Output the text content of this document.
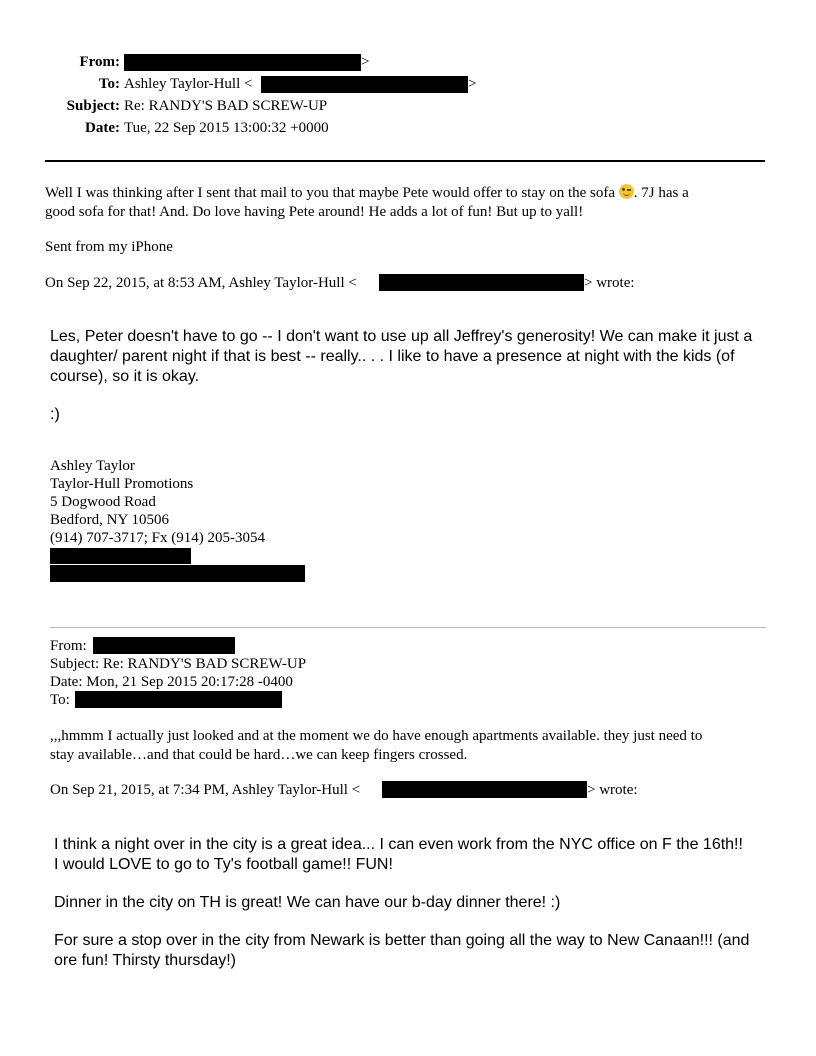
From:	>
To: Ashley Taylor-Hull <	>
Subject: Re: RANDY'S BAD SCREW-UP
Date: Tue, 22 Sep 2015 13:00:32 +0000
Well I was thinking after I sent that mail to you that maybe Pete would offer to stay on the sofa . 7J has a
good sofa for that! And. Do love having Pete around! He adds a lot of fun! But up to yall!
Sent from my iPhone
On Sep 22, 2015, at 8:53 AM, Ashley Taylor-Hull <	> wrote:
Les, Peter doesn't have to go -- I don't want to use up all Jeffrey's generosity! We can make it just a
daughter/ parent night if that is best -- really.. . . I like to have a presence at night with the kids (of
course), so it is okay.
:)
Ashley Taylor
Taylor-Hull Promotions
5 Dogwood Road
Bedford, NY 10506
(914) 707-3717; Fx (914) 205-3054
From:
Subject: Re: RANDY'S BAD SCREW-UP
Date: Mon, 21 Sep 2015 20:17:28 -0400
To:
,,,hmmm I actually just looked and at the moment we do have enough apartments available. they just need to
stay available…and that could be hard…we can keep fingers crossed.
On Sep 21, 2015, at 7:34 PM, Ashley Taylor-Hull <	> wrote:
I think a night over in the city is a great idea... I can even work from the NYC office on F the 16th!!
I would LOVE to go to Ty's football game!! FUN!
Dinner in the city on TH is great! We can have our b-day dinner there! :)
For sure a stop over in the city from Newark is better than going all the way to New Canaan!!! (and
ore fun! Thirsty thursday!)
